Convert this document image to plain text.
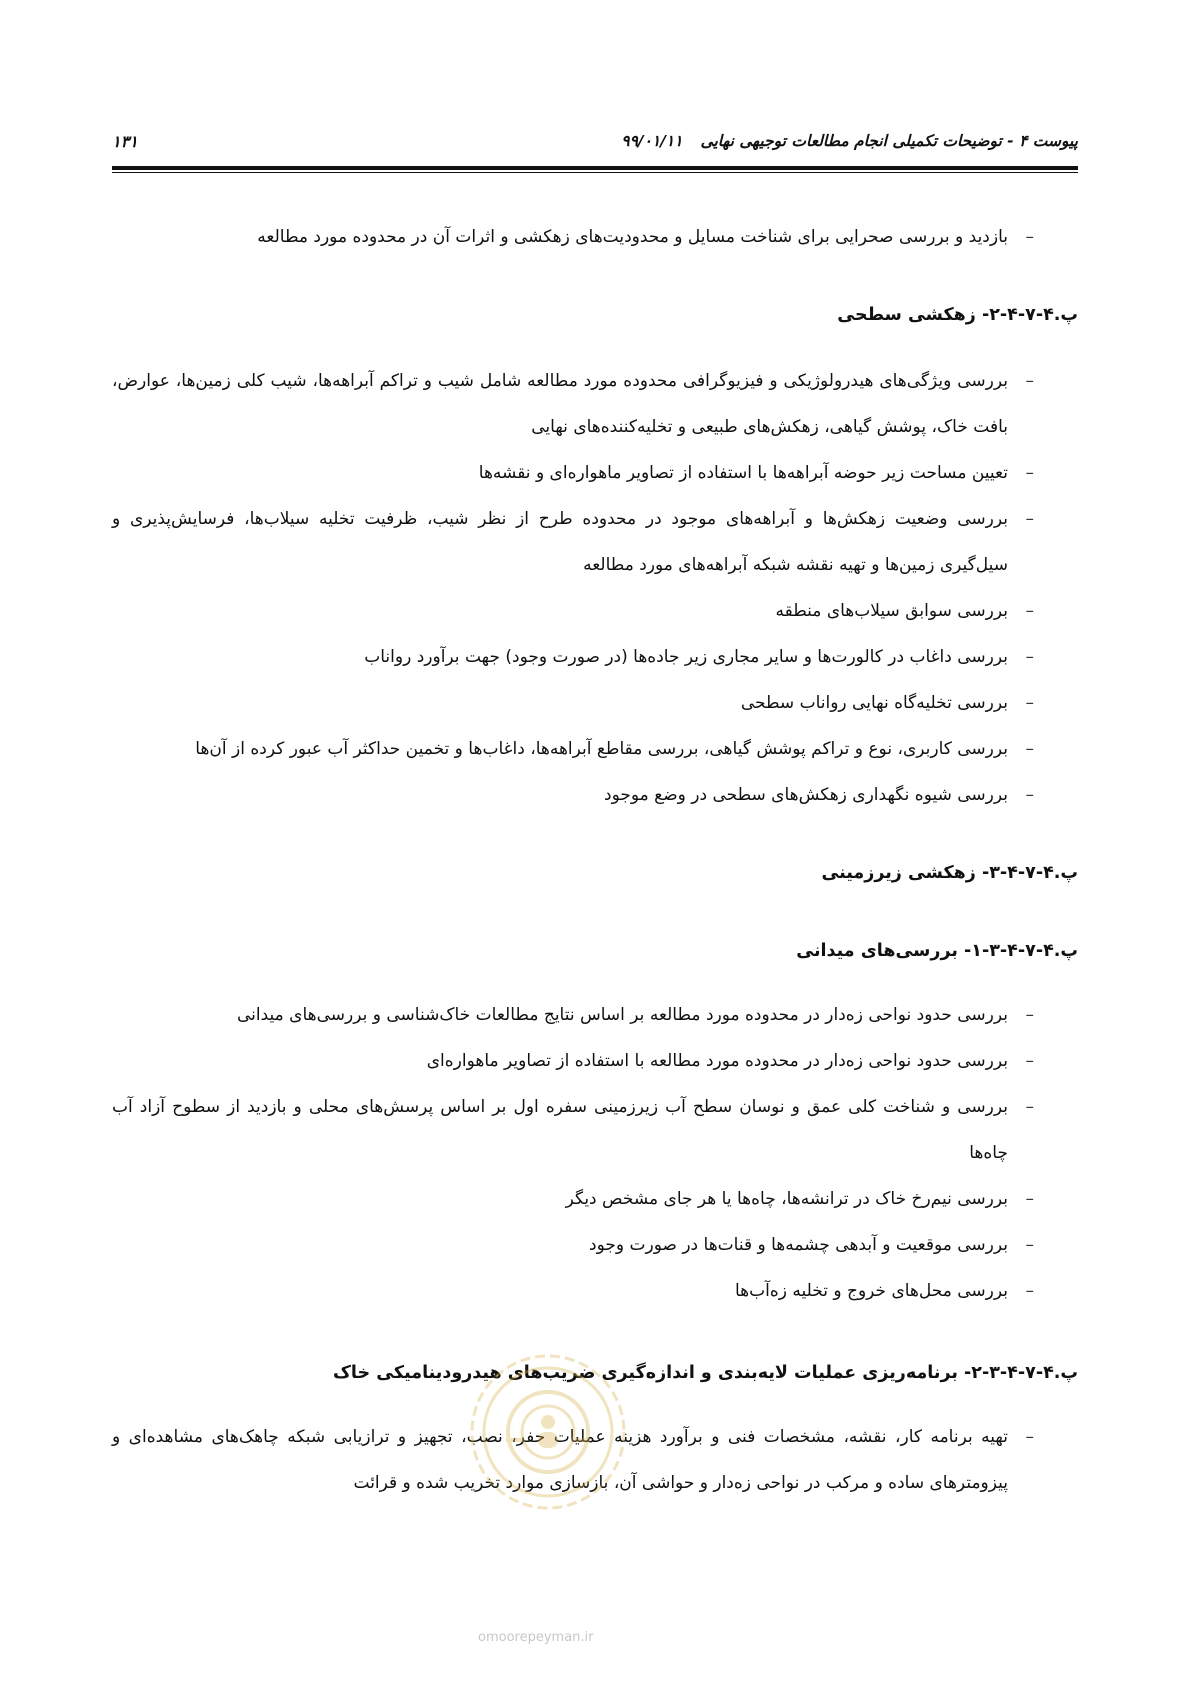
پیوست ۴ - توضیحات تکمیلی انجام مطالعات توجیهی نهایی۹۹/۰۱/۱۱
۱۳۱
–
بازدید و بررسی صحرایی برای شناخت مسایل و محدودیت‌های زهکشی و اثرات آن در محدوده مورد مطالعه
پ.۴-۷-۴-۲- زهکشی سطحی
–
بررسی ویژگی‌های هیدرولوژیکی و فیزیوگرافی محدوده مورد مطالعه شامل شیب و تراکم آبراهه‌ها، شیب کلی زمین‌ها، عوارض، بافت خاک، پوشش گیاهی، زهکش‌های طبیعی و تخلیه‌کننده‌های نهایی
–
تعیین مساحت زیر حوضه آبراهه‌ها با استفاده از تصاویر ماهواره‌ای و نقشه‌ها
–
بررسی وضعیت زهکش‌ها و آبراهه‌های موجود در محدوده طرح از نظر شیب، ظرفیت تخلیه سیلاب‌ها، فرسایش‌پذیری و سیل‌گیری زمین‌ها و تهیه نقشه شبکه آبراهه‌های مورد مطالعه
–
بررسی سوابق سیلاب‌های منطقه
–
بررسی داغاب در کالورت‌ها و سایر مجاری زیر جاده‌ها (در صورت وجود) جهت برآورد رواناب
–
بررسی تخلیه‌گاه نهایی رواناب سطحی
–
بررسی کاربری، نوع و تراکم پوشش گیاهی، بررسی مقاطع آبراهه‌ها، داغاب‌ها و تخمین حداکثر آب عبور کرده از آن‌ها
–
بررسی شیوه نگهداری زهکش‌های سطحی در وضع موجود
پ.۴-۷-۴-۳- زهکشی زیرزمینی
پ.۴-۷-۴-۳-۱- بررسی‌های میدانی
–
بررسی حدود نواحی زه‌دار در محدوده مورد مطالعه بر اساس نتایج مطالعات خاک‌شناسی و بررسی‌های میدانی
–
بررسی حدود نواحی زه‌دار در محدوده مورد مطالعه با استفاده از تصاویر ماهواره‌ای
–
بررسی و شناخت کلی عمق و نوسان سطح آب زیرزمینی سفره اول بر اساس پرسش‌های محلی و بازدید از سطوح آزاد آب چاه‌ها
–
بررسی نیم‌رخ خاک در ترانشه‌ها، چاه‌ها یا هر جای مشخص دیگر
–
بررسی موقعیت و آبدهی چشمه‌ها و قنات‌ها در صورت وجود
–
بررسی محل‌های خروج و تخلیه زه‌آب‌ها
پ.۴-۷-۴-۳-۲- برنامه‌ریزی عملیات لایه‌بندی و اندازه‌گیری ضریب‌های هیدرودینامیکی خاک
–
تهیه برنامه کار، نقشه، مشخصات فنی و برآورد هزینه عملیات حفر، نصب، تجهیز و ترازیابی شبکه چاهک‌های مشاهده‌ای و پیزومترهای ساده و مرکب در نواحی زه‌دار و حواشی آن، بازسازی موارد تخریب شده و قرائت
omoorepeyman.ir
